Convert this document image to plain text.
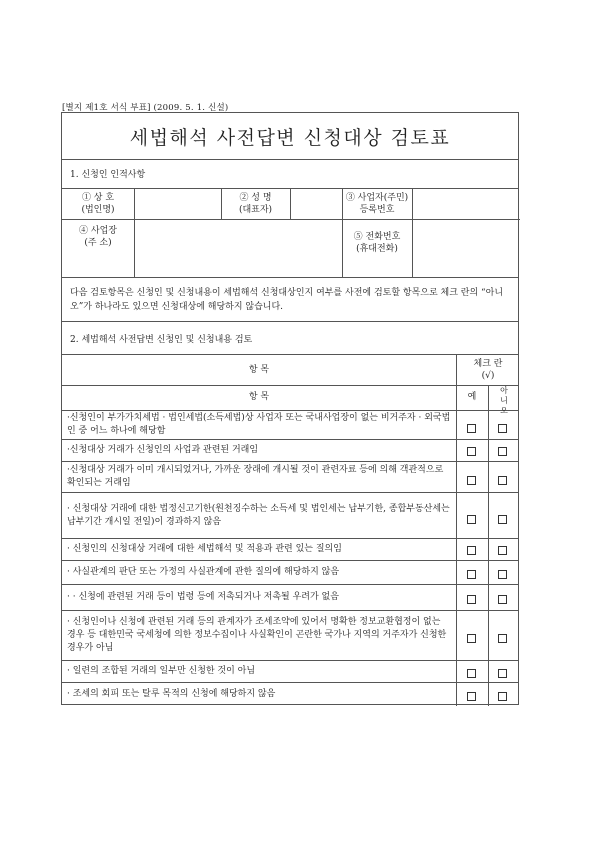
[별지 제1호 서식 부표] (2009. 5. 1. 신설)
세법해석 사전답변 신청대상 검토표
1. 신청인 인적사항
① 상 호
(법인명)
② 성 명
(대표자)
③ 사업자(주민)
등록번호
④ 사업장
(주 소)
⑤ 전화번호
(휴대전화)
다음 검토항목은 신청인 및 신청내용이 세법해석 신청대상인지 여부를 사전에 검토할 항목으로 체크 란의 “아니오”가 하나라도 있으면 신청대상에 해당하지 않습니다.
2. 세법해석 사전답변 신청인 및 신청내용 검토
항 목
체크 란
(√)
항 목	예
아니오
·신청인이 부가가치세법 · 법인세법(소득세법)상 사업자 또는 국내사업장이 없는 비거주자 · 외국법인 중 어느 하나에 해당함
·신청대상 거래가 신청인의 사업과 관련된 거래임
·신청대상 거래가 이미 개시되었거나, 가까운 장래에 개시될 것이 관련자료 등에 의해 객관적으로 확인되는 거래임
· 신청대상 거래에 대한 법정신고기한(원천징수하는 소득세 및 법인세는 납부기한, 종합부동산세는 납부기간 개시일 전일)이 경과하지 않음
· 신청인의 신청대상 거래에 대한 세법해석 및 적용과 관련 있는 질의임
· 사실관계의 판단 또는 가정의 사실관계에 관한 질의에 해당하지 않음
· · 신청에 관련된 거래 등이 법령 등에 저촉되거나 저촉될 우려가 없음
· 신청인이나 신청에 관련된 거래 등의 관계자가 조세조약에 있어서 명확한 정보교환협정이 없는 경우 등 대한민국 국세청에 의한 정보수집이나 사실확인이 곤란한 국가나 지역의 거주자가 신청한 경우가 아님
· 일련의 조합된 거래의 일부만 신청한 것이 아님
· 조세의 회피 또는 탈루 목적의 신청에 해당하지 않음
